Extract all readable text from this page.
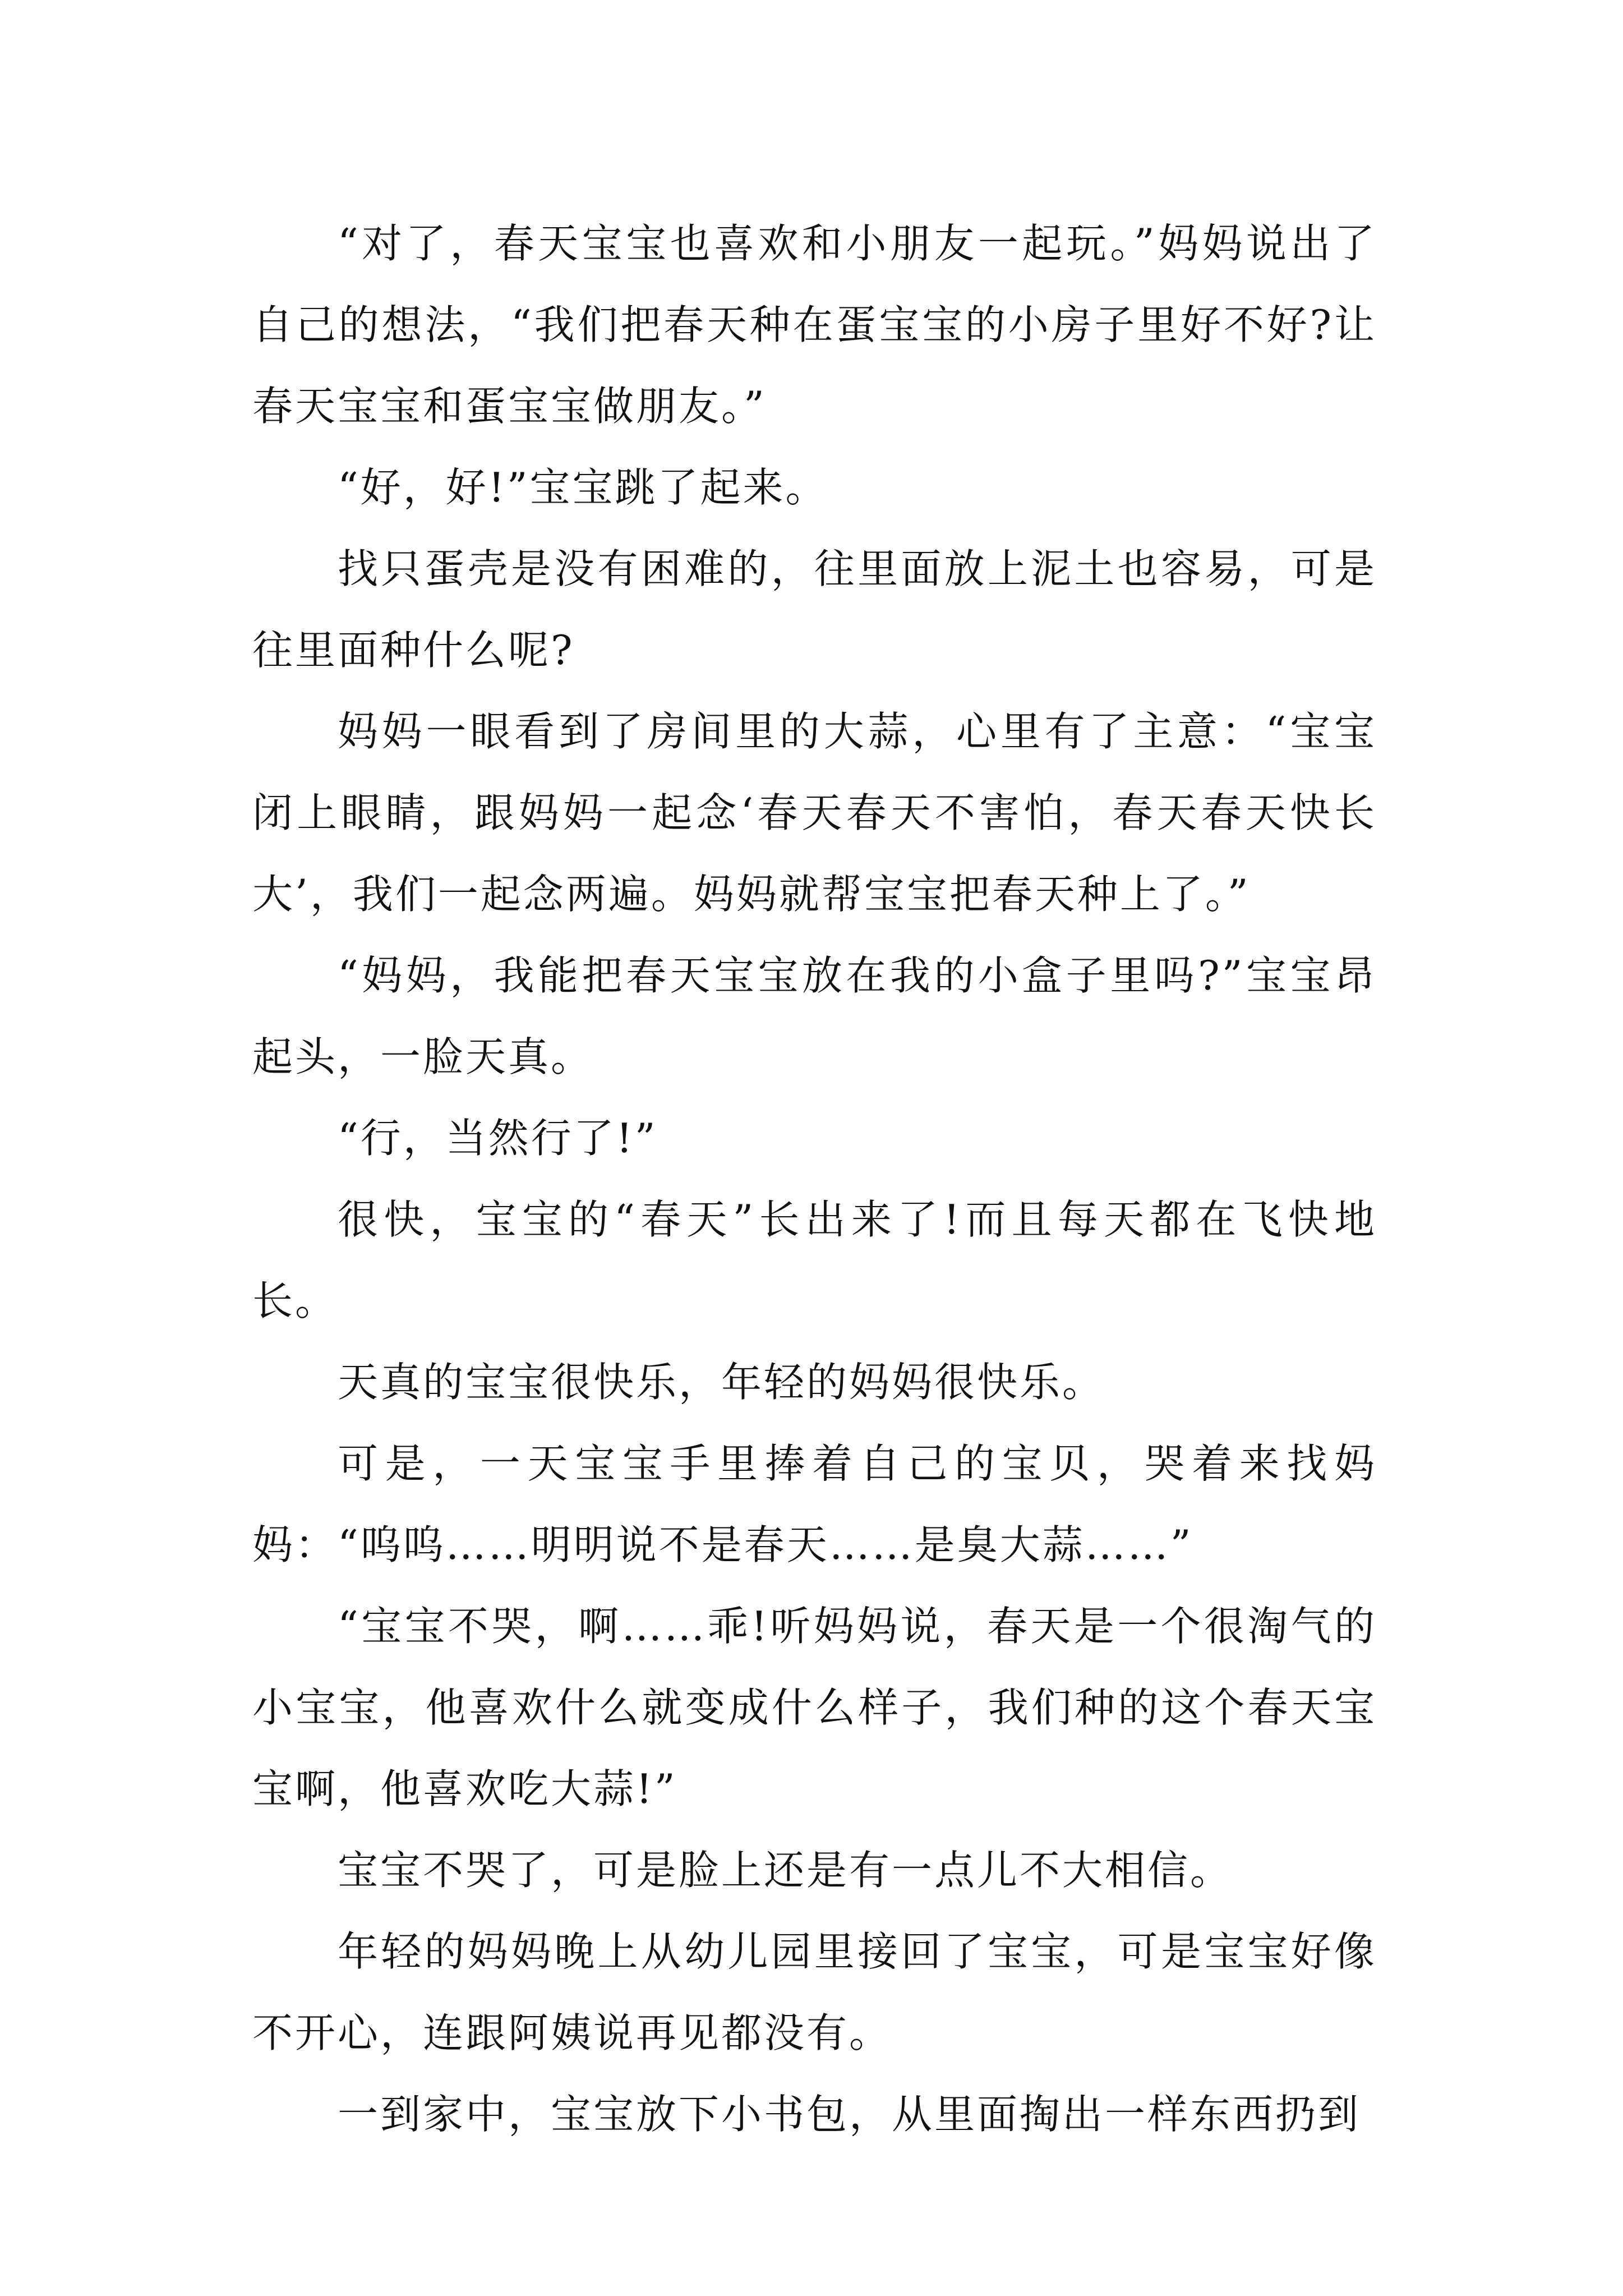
“对了，春天宝宝也喜欢和小朋友一起玩。”妈妈说出了自己的想法，“我们把春天种在蛋宝宝的小房子里好不好?让春天宝宝和蛋宝宝做朋友。”

“好，好!”宝宝跳了起来。

找只蛋壳是没有困难的，往里面放上泥土也容易，可是往里面种什么呢?

妈妈一眼看到了房间里的大蒜，心里有了主意：“宝宝闭上眼睛，跟妈妈一起念‘春天春天不害怕，春天春天快长大’，我们一起念两遍。妈妈就帮宝宝把春天种上了。”

“妈妈，我能把春天宝宝放在我的小盒子里吗?”宝宝昂起头，一脸天真。

“行，当然行了!”

很快，宝宝的“春天”长出来了!而且每天都在飞快地长。

天真的宝宝很快乐，年轻的妈妈很快乐。

可是，一天宝宝手里捧着自己的宝贝，哭着来找妈妈：“呜呜……明明说不是春天……是臭大蒜……”

“宝宝不哭，啊……乖!听妈妈说，春天是一个很淘气的小宝宝，他喜欢什么就变成什么样子，我们种的这个春天宝宝啊，他喜欢吃大蒜!”

宝宝不哭了，可是脸上还是有一点儿不大相信。

年轻的妈妈晚上从幼儿园里接回了宝宝，可是宝宝好像不开心，连跟阿姨说再见都没有。

一到家中，宝宝放下小书包，从里面掏出一样东西扔到
